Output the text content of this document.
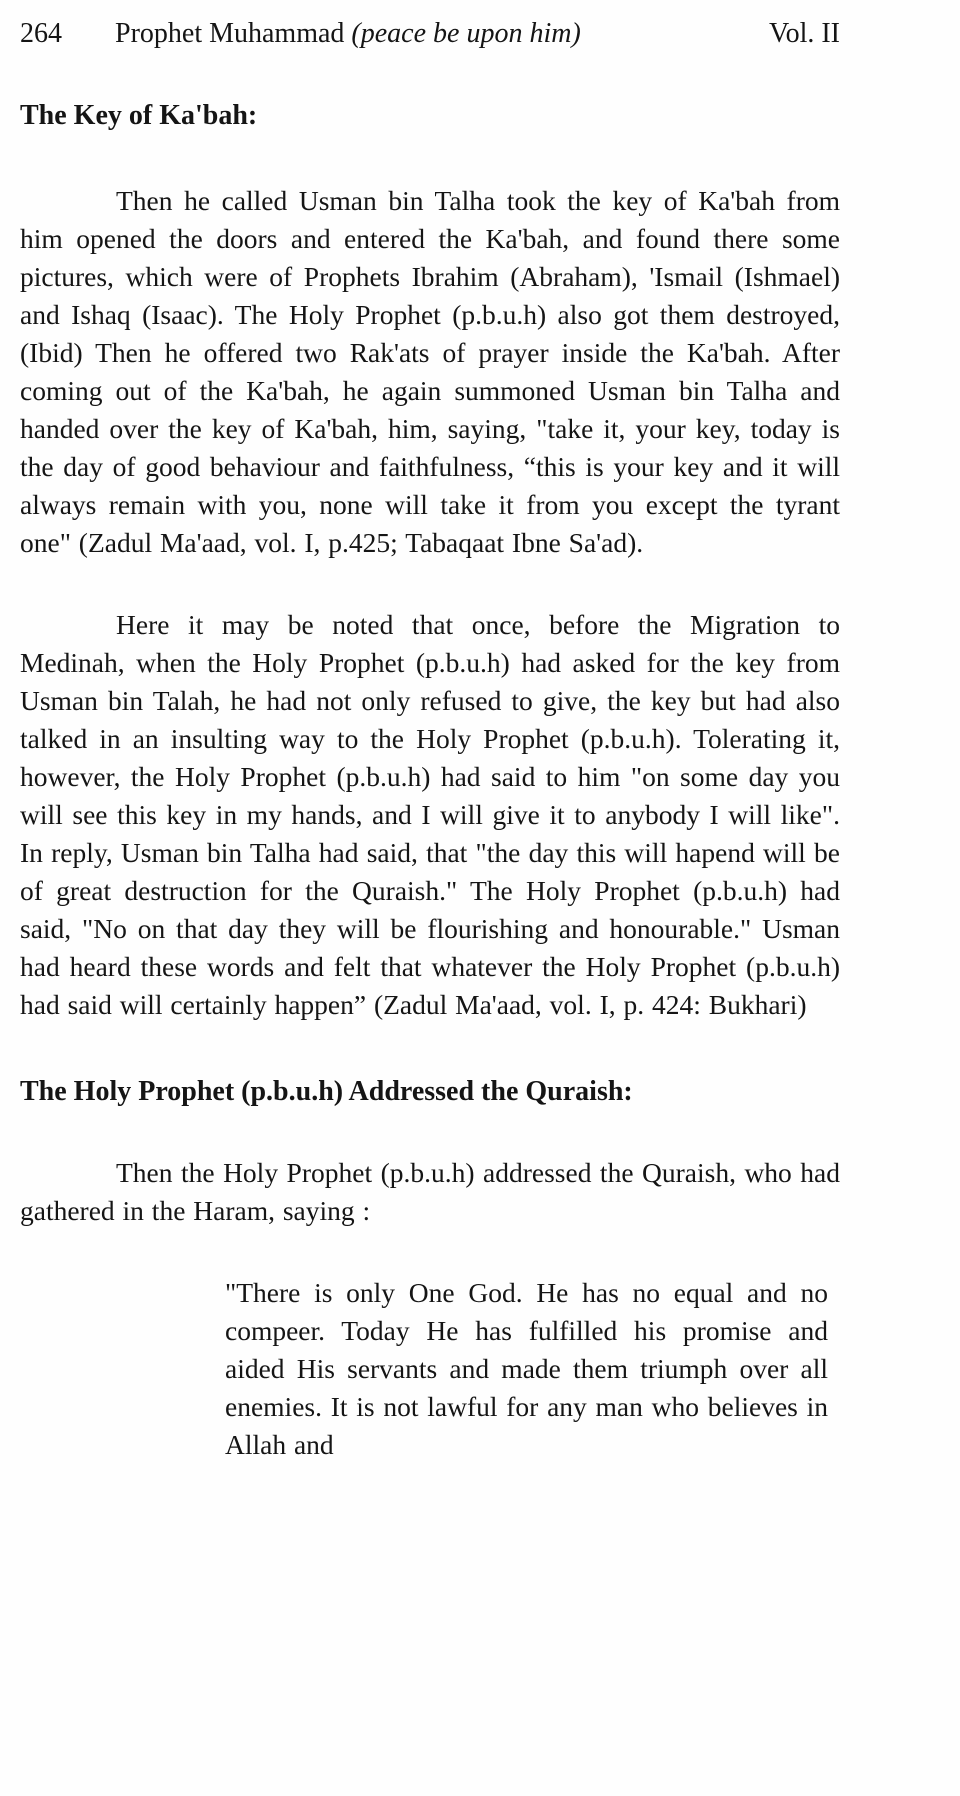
264	Prophet Muhammad (peace be upon him)	Vol. II
The Key of Ka'bah:

Then he called Usman bin Talha took the key of Ka'bah from him opened the doors and entered the Ka'bah, and found there some pictures, which were of Prophets Ibrahim (Abraham), 'Ismail (Ishmael) and Ishaq (Isaac). The Holy Prophet (p.b.u.h) also got them destroyed, (Ibid) Then he offered two Rak'ats of prayer inside the Ka'bah. After coming out of the Ka'bah, he again summoned Usman bin Talha and handed over the key of Ka'bah, him, saying, "take it, your key, today is the day of good behaviour and faithfulness, “this is your key and it will always remain with you, none will take it from you except the tyrant one" (Zadul Ma'aad, vol. I, p.425; Tabaqaat Ibne Sa'ad).

Here it may be noted that once, before the Migration to Medinah, when the Holy Prophet (p.b.u.h) had asked for the key from Usman bin Talah, he had not only refused to give, the key but had also talked in an insulting way to the Holy Prophet (p.b.u.h). Tolerating it, however, the Holy Prophet (p.b.u.h) had said to him "on some day you will see this key in my hands, and I will give it to anybody I will like". In reply, Usman bin Talha had said, that "the day this will hapend will be of great destruction for the Quraish." The Holy Prophet (p.b.u.h) had said, "No on that day they will be flourishing and honourable." Usman had heard these words and felt that whatever the Holy Prophet (p.b.u.h) had said will certainly happen” (Zadul Ma'aad, vol. I, p. 424: Bukhari)

The Holy Prophet (p.b.u.h) Addressed the Quraish:

Then the Holy Prophet (p.b.u.h) addressed the Quraish, who had gathered in the Haram, saying :

"There is only One God. He has no equal and no compeer. Today He has fulfilled his promise and aided His servants and made them triumph over all enemies. It is not lawful for any man who believes in Allah and
